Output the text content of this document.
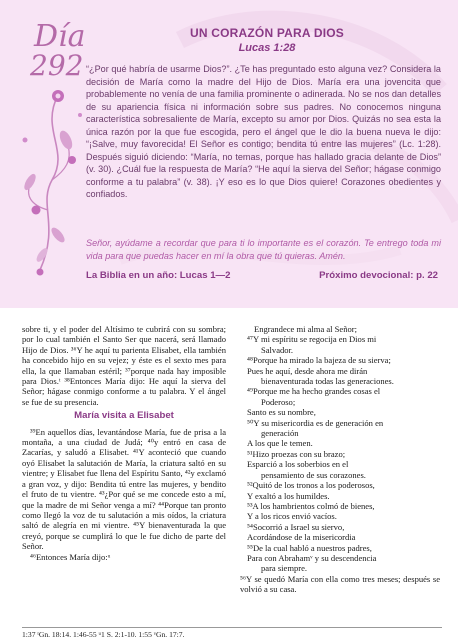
Día
292
UN CORAZÓN PARA DIOS
Lucas 1:28

“¿Por qué habría de usarme Dios?”. ¿Te has preguntado esto alguna vez? Considera la decisión de María como la madre del Hijo de Dios. María era una jovencita que probablemente no venía de una familia prominente o adinerada. No se nos dan detalles de su apariencia física ni información sobre sus padres. No conocemos ninguna característica sobresaliente de María, excepto su amor por Dios. Quizás no sea esta la única razón por la que fue escogida, pero el ángel que le dio la buena nueva le dijo: “¡Salve, muy favorecida! El Señor es contigo; bendita tú entre las mujeres” (Lc. 1:28). Después siguió diciendo: “María, no temas, porque has hallado gracia delante de Dios” (v. 30). ¿Cuál fue la respuesta de María? “He aquí la sierva del Señor; hágase conmigo conforme a tu palabra” (v. 38). ¡Y eso es lo que Dios quiere! Corazones obedientes y confiados.

Señor, ayúdame a recordar que para ti lo importante es el corazón. Te entrego toda mi vida para que puedas hacer en mí la obra que tú quieras. Amén.
La Biblia en un año: Lucas 1—2	Próximo devocional: p. 22

sobre ti, y el poder del Altísimo te cubrirá con su sombra; por lo cual también el Santo Ser que nacerá, será llamado Hijo de Dios. ³⁶Y he aquí tu parienta Elisabet, ella también ha concebido hijo en su vejez; y éste es el sexto mes para ella, la que llamaban estéril; ³⁷porque nada hay imposible para Dios.ᵗ ³⁸Entonces María dijo: He aquí la sierva del Señor; hágase conmigo conforme a tu palabra. Y el ángel se fue de su presencia.

María visita a Elisabet

³⁹En aquellos días, levantándose María, fue de prisa a la montaña, a una ciudad de Judá; ⁴⁰y entró en casa de Zacarías, y saludó a Elisabet. ⁴¹Y aconteció que cuando oyó Elisabet la salutación de María, la criatura saltó en su vientre; y Elisabet fue llena del Espíritu Santo, ⁴²y exclamó a gran voz, y dijo: Bendita tú entre las mujeres, y bendito el fruto de tu vientre. ⁴³¿Por qué se me concede esto a mí, que la madre de mi Señor venga a mí? ⁴⁴Porque tan pronto como llegó la voz de tu salutación a mis oídos, la criatura saltó de alegría en mi vientre. ⁴⁵Y bienaventurada la que creyó, porque se cumplirá lo que le fue dicho de parte del Señor.

⁴⁶Entonces María dijo:ᵘ

Engrandece mi alma al Señor;

⁴⁷Y mi espíritu se regocija en Dios mi

Salvador.

⁴⁸Porque ha mirado la bajeza de su sierva;

Pues he aquí, desde ahora me dirán

bienaventurada todas las generaciones.

⁴⁹Porque me ha hecho grandes cosas el

Poderoso;

Santo es su nombre,

⁵⁰Y su misericordia es de generación en

generación

A los que le temen.

⁵¹Hizo proezas con su brazo;

Esparció a los soberbios en el

pensamiento de sus corazones.

⁵²Quitó de los tronos a los poderosos,

Y exaltó a los humildes.

⁵³A los hambrientos colmó de bienes,

Y a los ricos envió vacíos.

⁵⁴Socorrió a Israel su siervo,

Acordándose de la misericordia

⁵⁵De la cual habló a nuestros padres,

Para con Abrahamᵛ y su descendencia

para siempre.

⁵⁶Y se quedó María con ella como tres meses; después se volvió a su casa.

1:37 ᵗGn. 18:14. 1:46-55 ᵘ1 S. 2:1-10. 1:55 ᵛGn. 17:7.
